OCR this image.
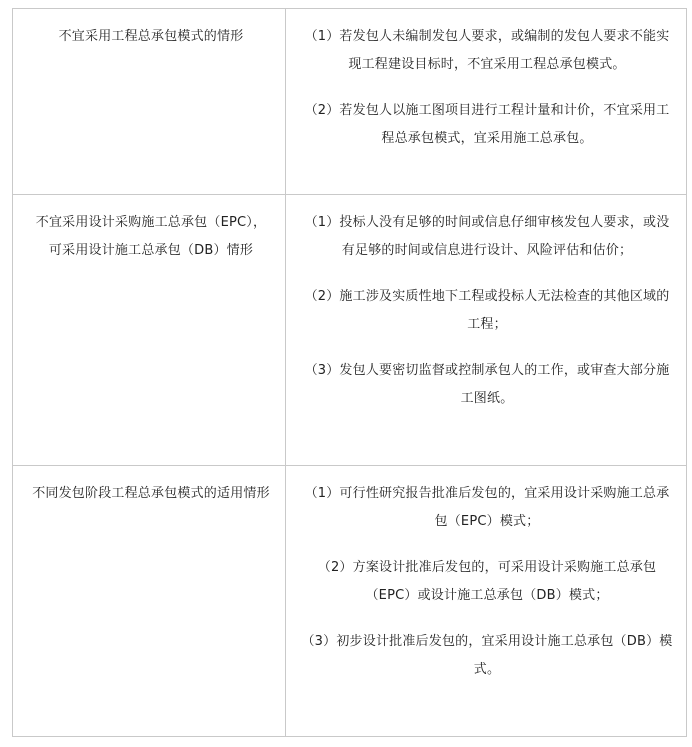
不宜采用工程总承包模式的情形	（1）若发包人未编制发包人要求，或编制的发包人要求不能实现工程建设目标时，不宜采用工程总承包模式。

（2）若发包人以施工图项目进行工程计量和计价，不宜采用工程总承包模式，宜采用施工总承包。

不宜采用设计采购施工总承包（EPC），可采用设计施工总承包（DB）情形	（1）投标人没有足够的时间或信息仔细审核发包人要求，或没有足够的时间或信息进行设计、风险评估和估价；

（2）施工涉及实质性地下工程或投标人无法检查的其他区域的工程；

（3）发包人要密切监督或控制承包人的工作，或审查大部分施工图纸。

不同发包阶段工程总承包模式的适用情形	（1）可行性研究报告批准后发包的，宜采用设计采购施工总承包（EPC）模式；

（2）方案设计批准后发包的，可采用设计采购施工总承包（EPC）或设计施工总承包（DB）模式；

（3）初步设计批准后发包的，宜采用设计施工总承包（DB）模式。
